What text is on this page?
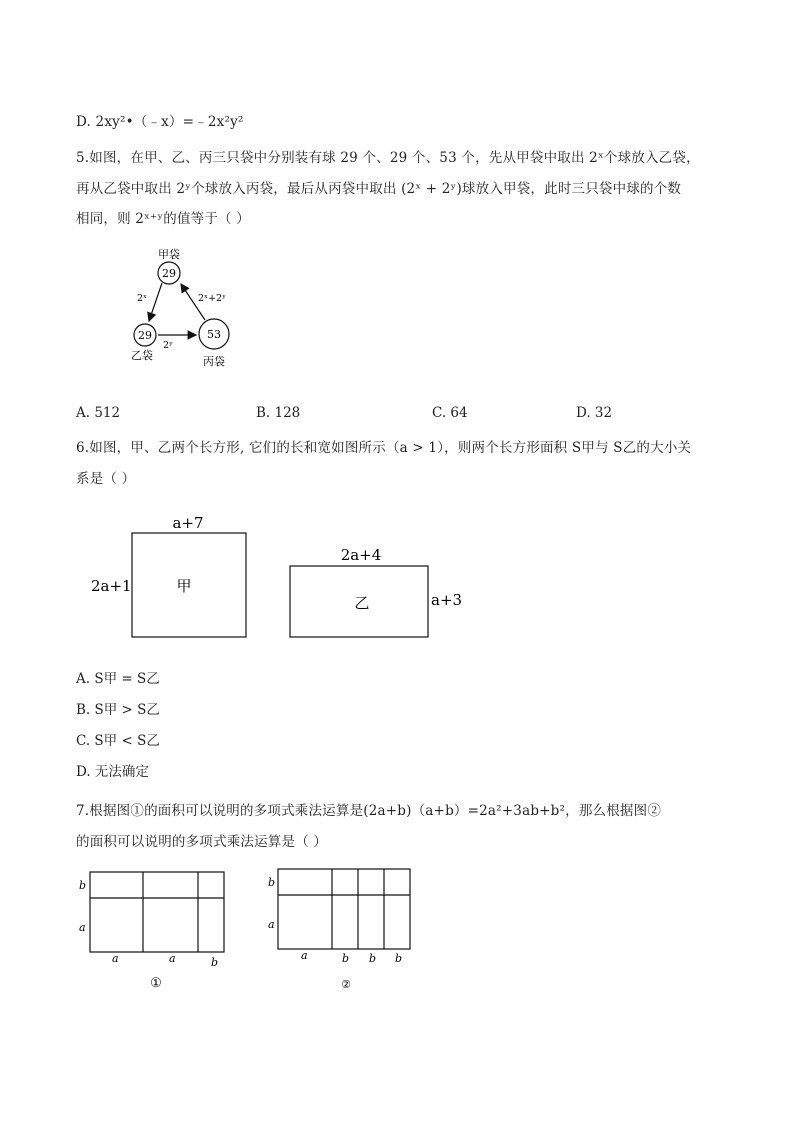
D. 2xy²•（﹣x）=﹣2x²y²
5.如图，在甲、乙、丙三只袋中分别装有球 29 个、29 个、53 个，先从甲袋中取出 2ˣ个球放入乙袋，
再从乙袋中取出 2ʸ个球放入丙袋，最后从丙袋中取出 (2ˣ + 2ʸ)球放入甲袋，此时三只袋中球的个数
相同，则 2ˣ⁺ʸ的值等于（ ）
甲袋
29
29
乙袋
53
丙袋
2ˣ
2ʸ
2ˣ+2ʸ
A. 512	B. 128	C. 64	D. 32
6.如图，甲、乙两个长方形, 它们的长和宽如图所示（a > 1），则两个长方形面积 S甲与 S乙的大小关
系是（ ）
a+7
2a+1	甲
2a+4
a+3
乙
A. S甲 = S乙
B. S甲 > S乙
C. S甲 < S乙
D. 无法确定
7.根据图①的面积可以说明的多项式乘法运算是(2a+b)（a+b）=2a²+3ab+b²，那么根据图②
的面积可以说明的多项式乘法运算是（ ）
b
a
a	a	b
①
b
a
a	b b b
②
